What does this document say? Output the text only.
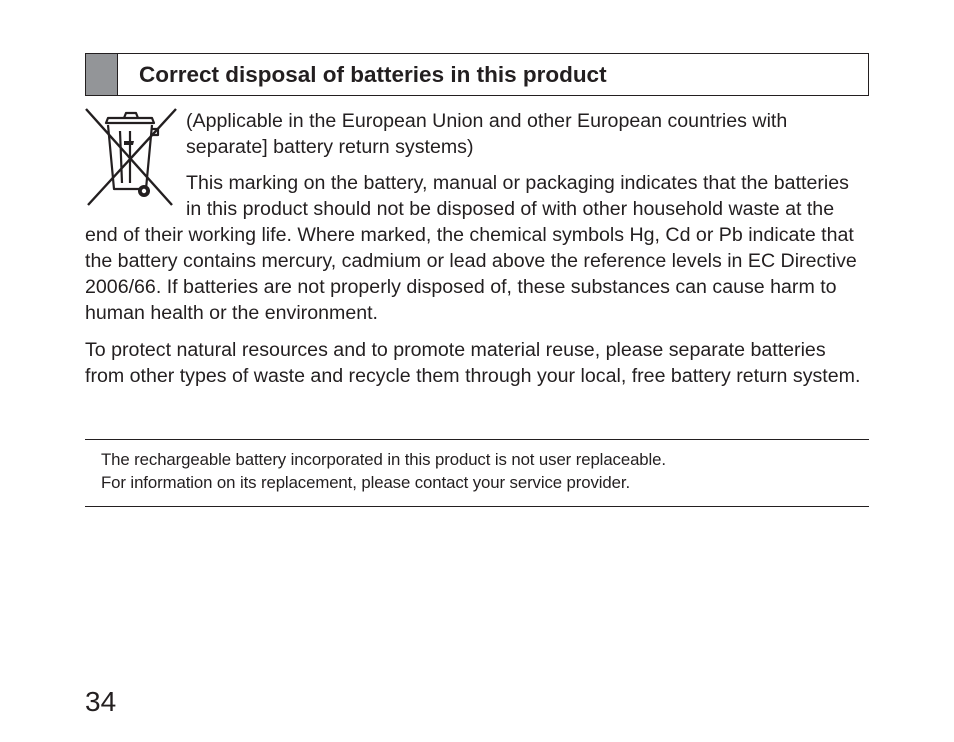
Correct disposal of batteries in this product

(Applicable in the European Union and other European countries with separate] battery return systems)

This marking on the battery, manual or packaging indicates that the batteries in this product should not be disposed of with other household waste at the end of their working life. Where marked, the chemical symbols Hg, Cd or Pb indicate that the battery contains mercury, cadmium or lead above the reference levels in EC Directive 2006/66. If batteries are not properly disposed of, these substances can cause harm to human health or the environment.

To protect natural resources and to promote material reuse, please separate batteries from other types of waste and recycle them through your local, free battery return system.

The rechargeable battery incorporated in this product is not user replaceable.
For information on its replacement, please contact your service provider.
34
